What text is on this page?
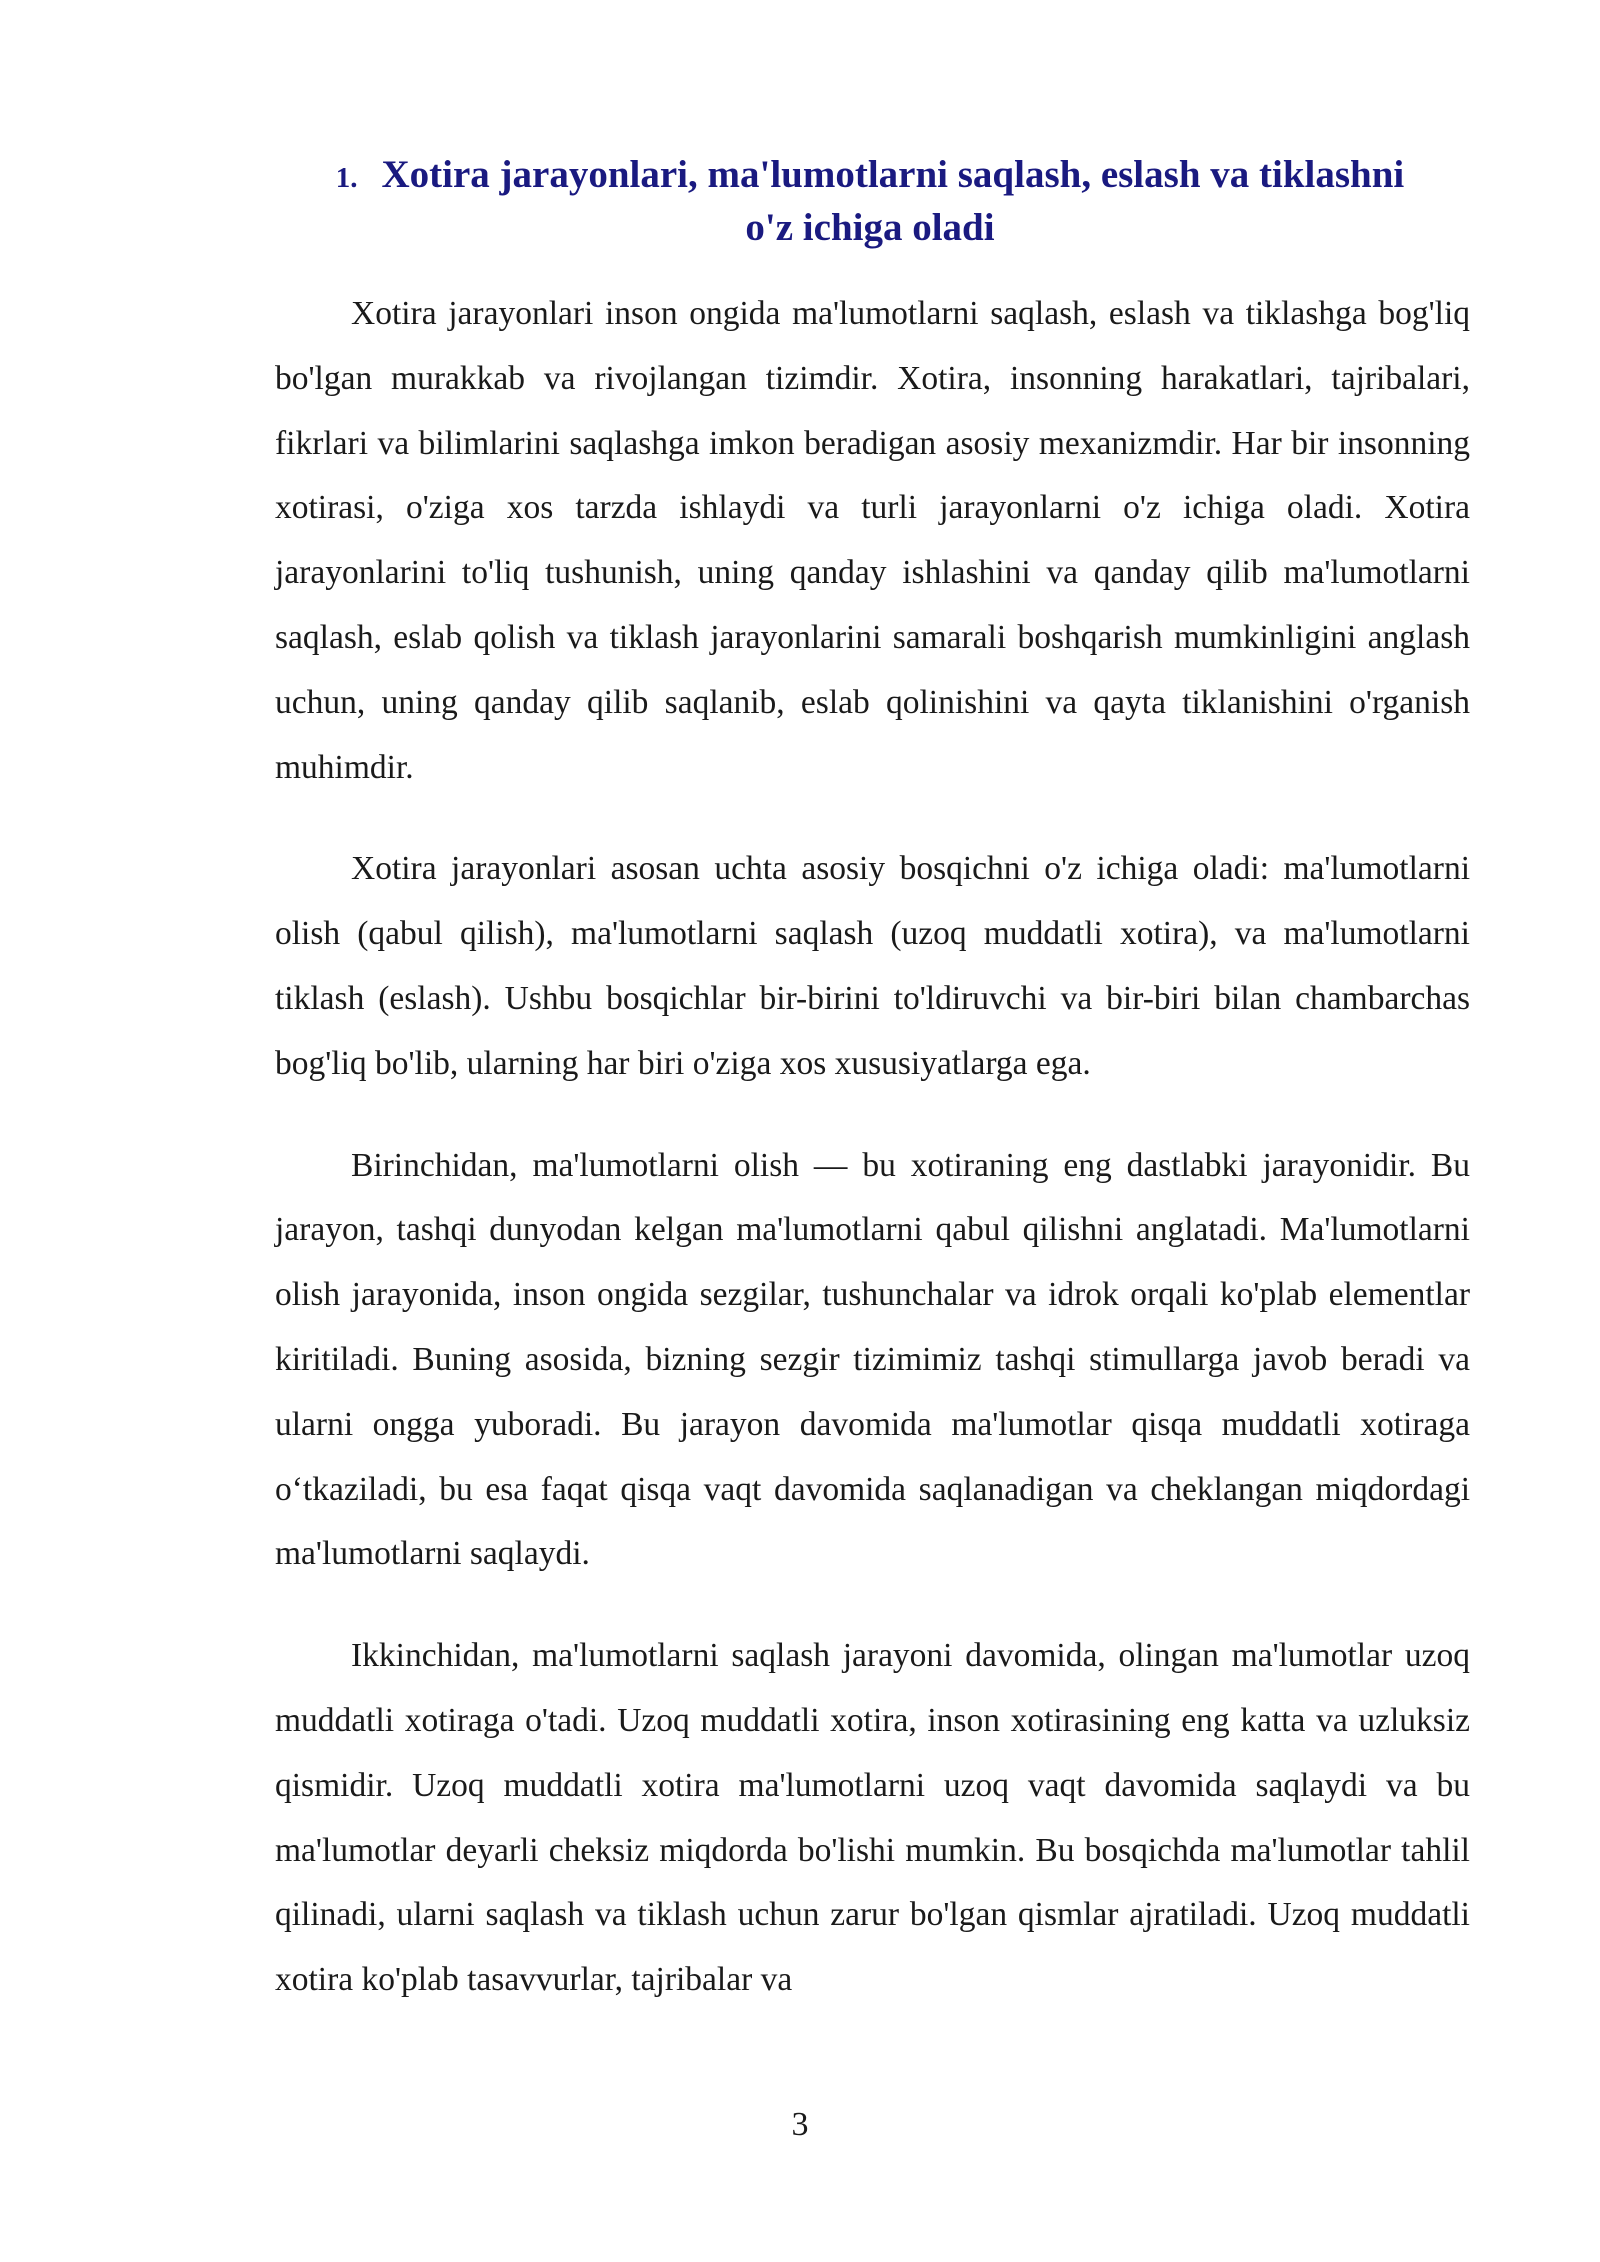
1. Xotira jarayonlari, ma'lumotlarni saqlash, eslash va tiklashni
o'z ichiga oladi

Xotira jarayonlari inson ongida ma'lumotlarni saqlash, eslash va tiklashga bog'liq bo'lgan murakkab va rivojlangan tizimdir. Xotira, insonning harakatlari, tajribalari, fikrlari va bilimlarini saqlashga imkon beradigan asosiy mexanizmdir. Har bir insonning xotirasi, o'ziga xos tarzda ishlaydi va turli jarayonlarni o'z ichiga oladi. Xotira jarayonlarini to'liq tushunish, uning qanday ishlashini va qanday qilib ma'lumotlarni saqlash, eslab qolish va tiklash jarayonlarini samarali boshqarish mumkinligini anglash uchun, uning qanday qilib saqlanib, eslab qolinishini va qayta tiklanishini o'rganish muhimdir.

Xotira jarayonlari asosan uchta asosiy bosqichni o'z ichiga oladi: ma'lumotlarni olish (qabul qilish), ma'lumotlarni saqlash (uzoq muddatli xotira), va ma'lumotlarni tiklash (eslash). Ushbu bosqichlar bir-birini to'ldiruvchi va bir-biri bilan chambarchas bog'liq bo'lib, ularning har biri o'ziga xos xususiyatlarga ega.

Birinchidan, ma'lumotlarni olish — bu xotiraning eng dastlabki jarayonidir. Bu jarayon, tashqi dunyodan kelgan ma'lumotlarni qabul qilishni anglatadi. Ma'lumotlarni olish jarayonida, inson ongida sezgilar, tushunchalar va idrok orqali ko'plab elementlar kiritiladi. Buning asosida, bizning sezgir tizimimiz tashqi stimullarga javob beradi va ularni ongga yuboradi. Bu jarayon davomida ma'lumotlar qisqa muddatli xotiraga o‘tkaziladi, bu esa faqat qisqa vaqt davomida saqlanadigan va cheklangan miqdordagi ma'lumotlarni saqlaydi.

Ikkinchidan, ma'lumotlarni saqlash jarayoni davomida, olingan ma'lumotlar uzoq muddatli xotiraga o'tadi. Uzoq muddatli xotira, inson xotirasining eng katta va uzluksiz qismidir. Uzoq muddatli xotira ma'lumotlarni uzoq vaqt davomida saqlaydi va bu ma'lumotlar deyarli cheksiz miqdorda bo'lishi mumkin. Bu bosqichda ma'lumotlar tahlil qilinadi, ularni saqlash va tiklash uchun zarur bo'lgan qismlar ajratiladi. Uzoq muddatli xotira ko'plab tasavvurlar, tajribalar va

3
